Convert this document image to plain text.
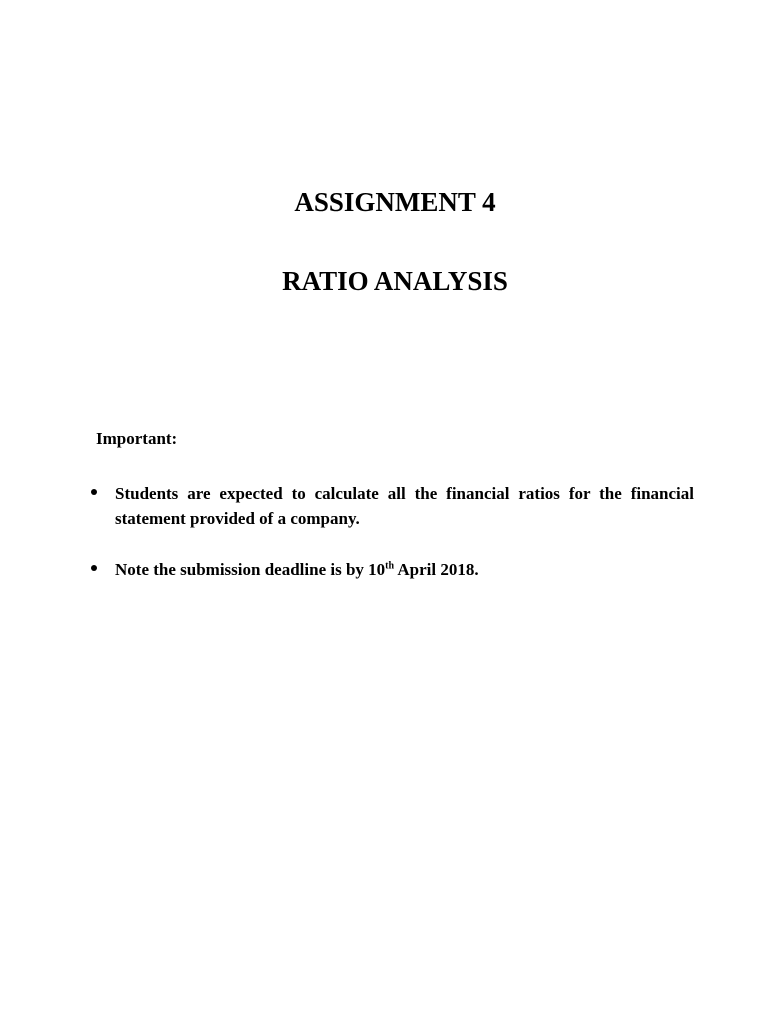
ASSIGNMENT 4
RATIO ANALYSIS

Important:

Students are expected to calculate all the financial ratios for the financial statement provided of a company.
Note the submission deadline is by 10th April 2018.
